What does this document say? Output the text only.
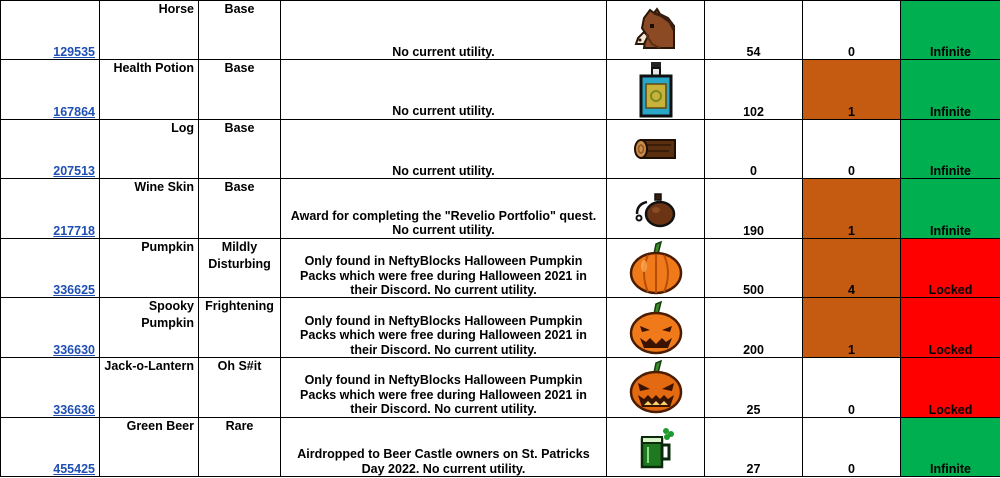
129535	Horse	Base	No current utility.		54	0	Infinite
167864	Health Potion	Base	No current utility.		102	1	Infinite
207513	Log	Base	No current utility.		0	0	Infinite
217718	Wine Skin	Base	Award for completing the "Revelio Portfolio" quest. No current utility.		190	1	Infinite
336625	Pumpkin	Mildly Disturbing	Only found in NeftyBlocks Halloween Pumpkin Packs which were free during Halloween 2021 in their Discord. No current utility.		500	4	Locked
336630	Spooky Pumpkin	Frightening	Only found in NeftyBlocks Halloween Pumpkin Packs which were free during Halloween 2021 in their Discord. No current utility.		200	1	Locked
336636	Jack-o-Lantern	Oh S#it	Only found in NeftyBlocks Halloween Pumpkin Packs which were free during Halloween 2021 in their Discord. No current utility.		25	0	Locked
455425	Green Beer	Rare	Airdropped to Beer Castle owners on St. Patricks Day 2022. No current utility.		27	0	Infinite
